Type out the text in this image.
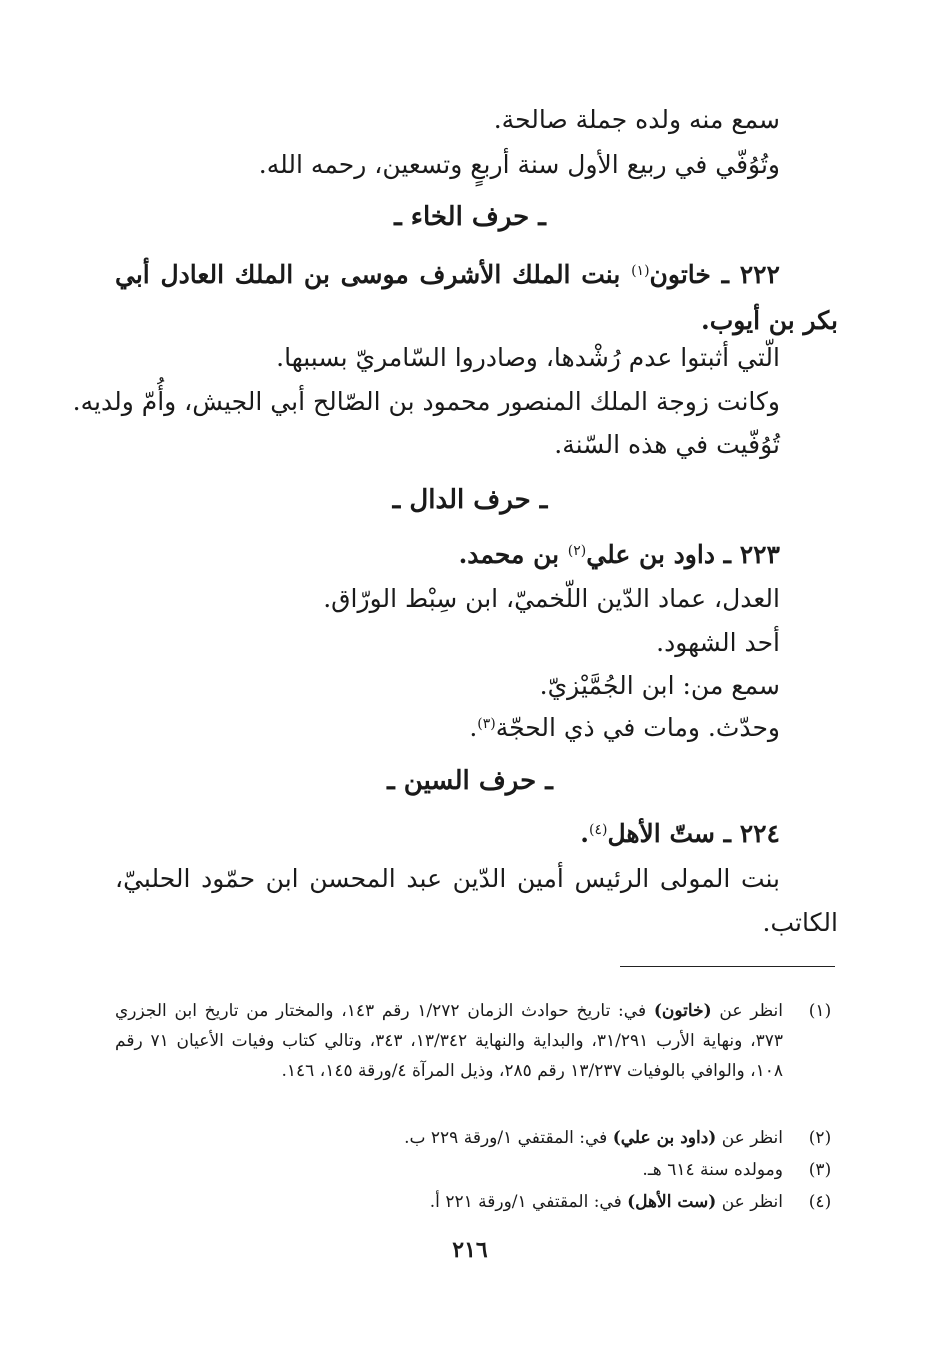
سمع منه ولده جملة صالحة.
وتُوُفّي في ربيع الأول سنة أربعٍ وتسعين، رحمه الله.
ـ حرف الخاء ـ
٢٢٢ ـ خاتون$^{(١)}$ بنت الملك الأشرف موسى بن الملك العادل أبي
بكر بن أيوب.
الّتي أثبتوا عدم رُشْدها، وصادروا السّامريّ بسببها.
وكانت زوجة الملك المنصور محمود بن الصّالح أبي الجيش، وأُمّ ولديه.
تُوُفّيت في هذه السّنة.
ـ حرف الدال ـ
٢٢٣ ـ داود بن علي$^{(٢)}$ بن محمد.
العدل، عماد الدّين اللّخميّ، ابن سِبْط الورّاق.
أحد الشهود.
سمع من: ابن الجُمَّيْزيّ.
وحدّث. ومات في ذي الحجّة$^{(٣)}$.
ـ حرف السين ـ
٢٢٤ ـ ستّ الأهل$^{(٤)}$.
بنت المولى الرئيس أمين الدّين عبد المحسن ابن حمّود الحلبيّ،
الكاتب.
(١)
انظر عن (خاتون) في: تاريخ حوادث الزمان ١/٢٧٢ رقم ١٤٣، والمختار من تاريخ ابن الجزري ٣٧٣، ونهاية الأرب ٣١/٢٩١، والبداية والنهاية ١٣/٣٤٢، ٣٤٣، وتالي كتاب وفيات الأعيان ٧١ رقم ١٠٨، والوافي بالوفيات ١٣/٢٣٧ رقم ٢٨٥، وذيل المرآة ٤/ورقة ١٤٥، ١٤٦.
(٢)
انظر عن (داود بن علي) في: المقتفي ١/ورقة ٢٢٩ ب.
(٣)
ومولده سنة ٦١٤ هـ.
(٤)
انظر عن (ست الأهل) في: المقتفي ١/ورقة ٢٢١ أ.
٢١٦
